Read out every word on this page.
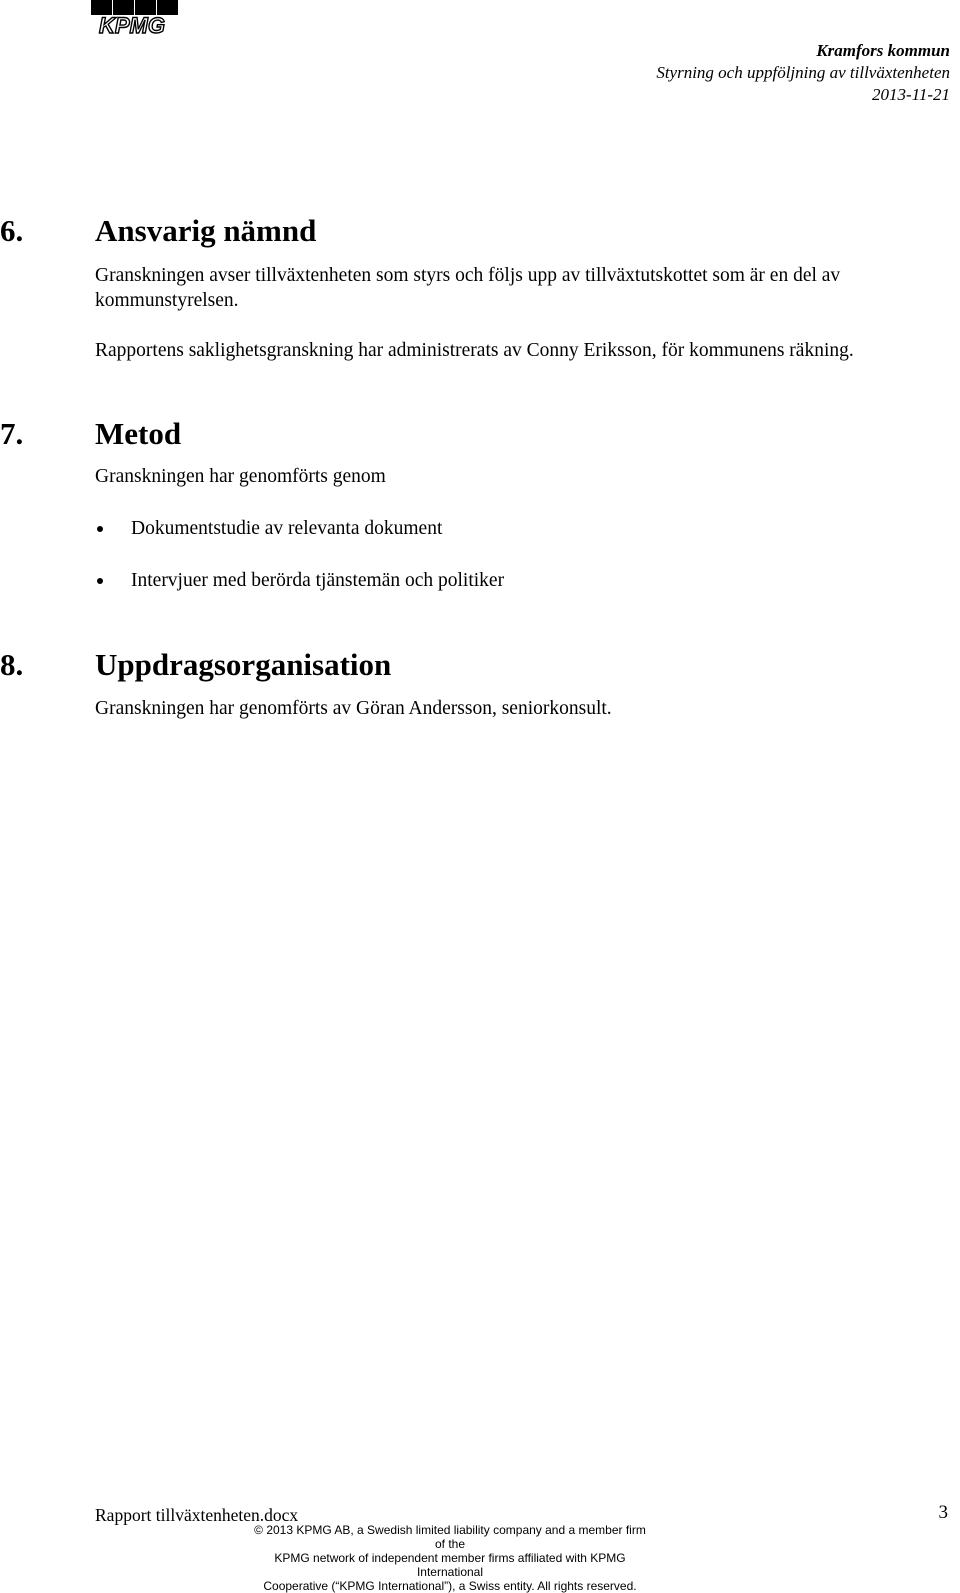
KPMG
Kramfors kommun
Styrning och uppföljning av tillväxtenheten
2013-11-21
6. Ansvarig nämnd

Granskningen avser tillväxtenheten som styrs och följs upp av tillväxtutskottet som är en del av kommunstyrelsen.

Rapportens saklighetsgranskning har administrerats av Conny Eriksson, för kommunens räkning.

7. Metod

Granskningen har genomförts genom

Dokumentstudie av relevanta dokument
Intervjuer med berörda tjänstemän och politiker
8. Uppdragsorganisation

Granskningen har genomförts av Göran Andersson, seniorkonsult.

Rapport tillväxtenheten.docx	3
© 2013 KPMG AB, a Swedish limited liability company and a member firm of the
KPMG network of independent member firms affiliated with KPMG International
Cooperative (“KPMG International”), a Swiss entity. All rights reserved.
